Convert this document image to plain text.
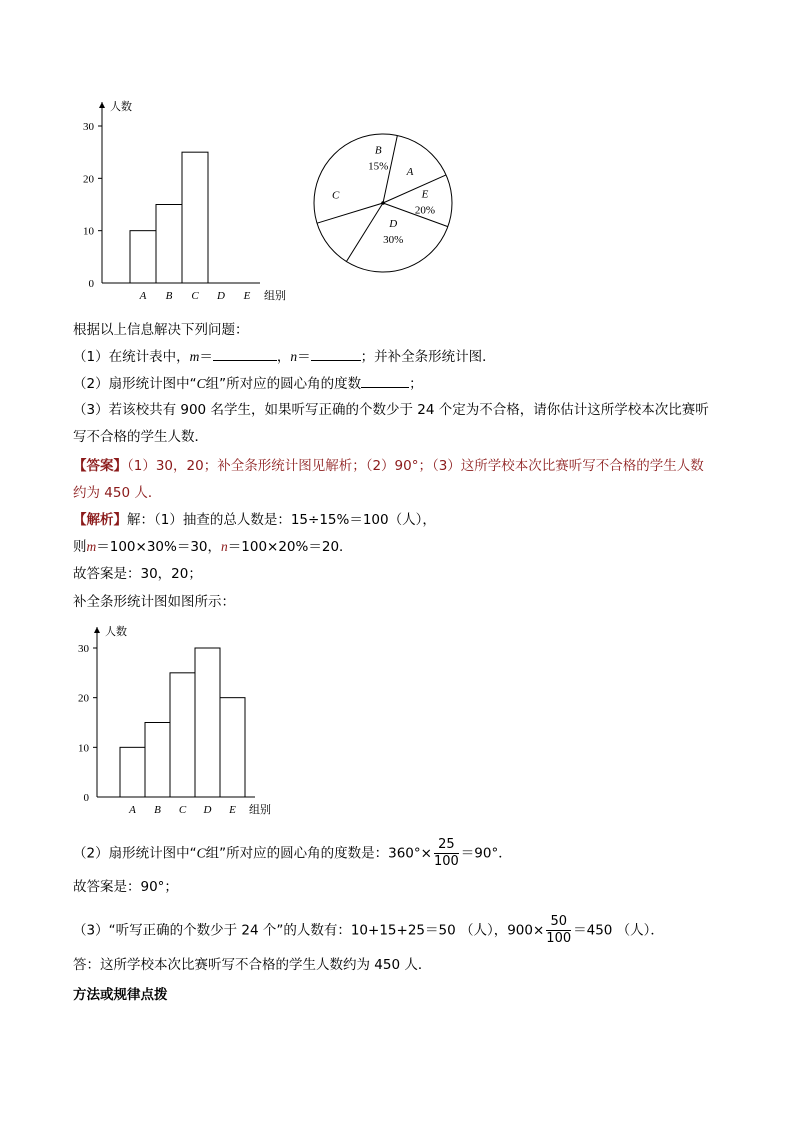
人数
0
10
20
30
A B C D E 组别
A
B
15%
C
D
30%
E
20%
根据以上信息解决下列问题：
（1）在统计表中，m＝	，n＝	；并补全条形统计图．
（2）扇形统计图中“C组”所对应的圆心角的度数	；
（3）若该校共有 900 名学生，如果听写正确的个数少于 24 个定为不合格，请你估计这所学校本次比赛听
写不合格的学生人数．
【答案】（1）30，20；补全条形统计图见解析；（2）90°；（3）这所学校本次比赛听写不合格的学生人数
约为 450 人．
【解析】解：（1）抽查的总人数是：15÷15%＝100（人），
则m＝100×30%＝30，n＝100×20%＝20．
故答案是：30，20；
补全条形统计图如图所示：
人数
0
10
20
30
A B C D E 组别
（2）扇形统计图中“C组”所对应的圆心角的度数是：$360^\circ\times \frac{25}{100} =90^\circ$．
故答案是：90°；
（3）“听写正确的个数少于 24 个”的人数有：10+15+25＝50 （人），$900\times \frac{50}{100} =450$ （人）．
答：这所学校本次比赛听写不合格的学生人数约为 450 人．
方法或规律点拨
